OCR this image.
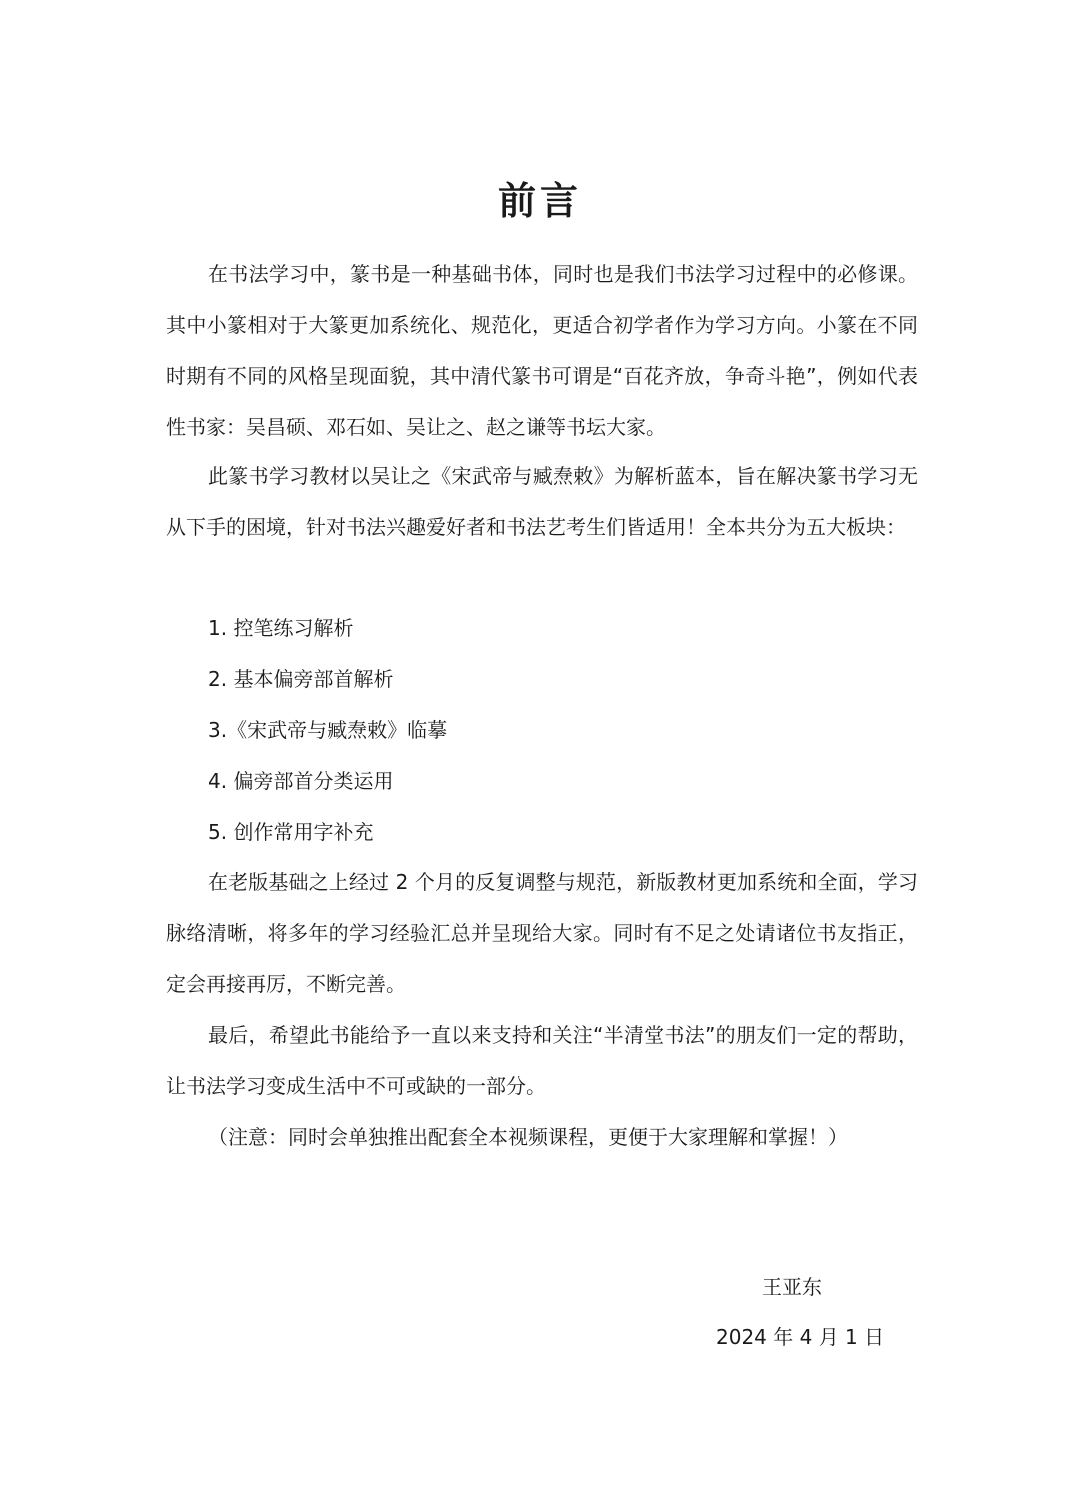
前言

在书法学习中，篆书是一种基础书体，同时也是我们书法学习过程中的必修课。其中小篆相对于大篆更加系统化、规范化，更适合初学者作为学习方向。小篆在不同时期有不同的风格呈现面貌，其中清代篆书可谓是“百花齐放，争奇斗艳”，例如代表性书家：吴昌硕、邓石如、吴让之、赵之谦等书坛大家。

此篆书学习教材以吴让之《宋武帝与臧焘敕》为解析蓝本，旨在解决篆书学习无从下手的困境，针对书法兴趣爱好者和书法艺考生们皆适用！全本共分为五大板块：

1. 控笔练习解析
2. 基本偏旁部首解析
3.《宋武帝与臧焘敕》临摹
4. 偏旁部首分类运用
5. 创作常用字补充

在老版基础之上经过 2 个月的反复调整与规范，新版教材更加系统和全面，学习脉络清晰，将多年的学习经验汇总并呈现给大家。同时有不足之处请诸位书友指正，定会再接再厉，不断完善。

最后，希望此书能给予一直以来支持和关注“半清堂书法”的朋友们一定的帮助，让书法学习变成生活中不可或缺的一部分。

（注意：同时会单独推出配套全本视频课程，更便于大家理解和掌握！）
王亚东
2024 年 4 月 1 日
